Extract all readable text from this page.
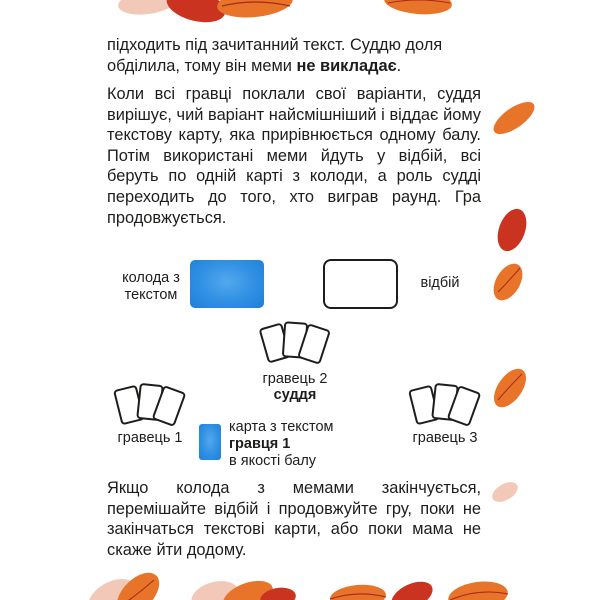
підходить під зачитанний текст. Суддю доля
обділила, тому він меми не викладає.

Коли всі гравці поклали свої варіанти, суддя вирішує, чий варіант найсмішніший і віддає йому текстову карту, яка прирівнюється одному балу. Потім використані меми йдуть у відбій, всі беруть по одній карті з колоди, а роль судді переходить до того, хто виграв раунд. Гра продовжується.

колода з
текстом
відбій
гравець 2
суддя
гравець 1
карта з текстом
гравця 1
в якості балу
гравець 3

Якщо колода з мемами закінчується, перемішайте відбій і продовжуйте гру, поки не закінчаться текстові карти, або поки мама не скаже йти додому.
